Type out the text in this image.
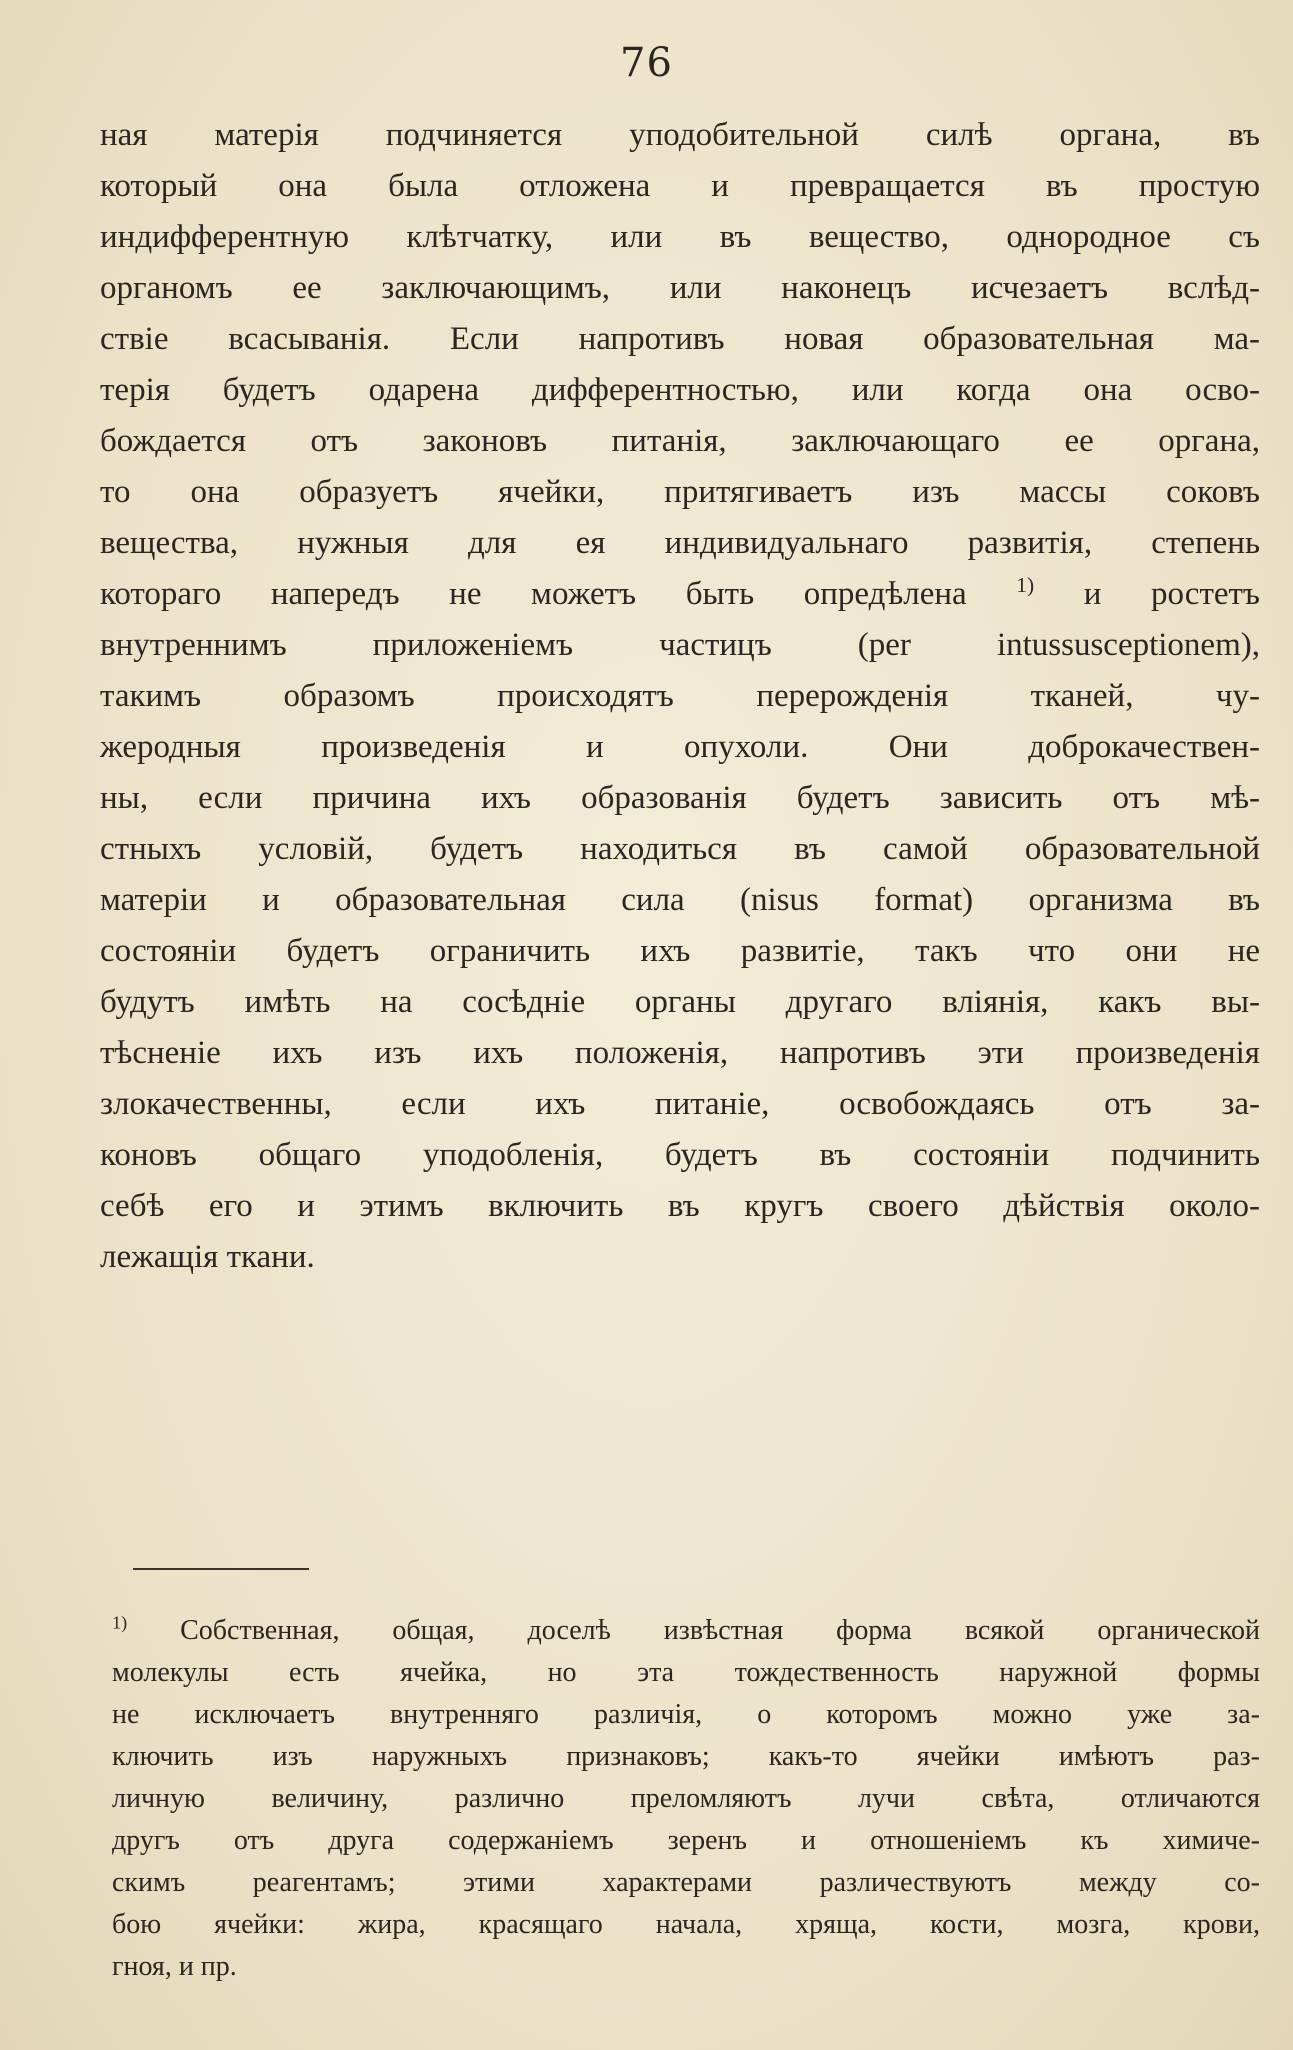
76
ная матерія подчиняется уподобительной силѣ органа, въ
который она была отложена и превращается въ простую
индифферентную клѣтчатку, или въ вещество, однородное съ
органомъ ее заключающимъ, или наконецъ исчезаетъ вслѣд-
ствіе всасыванія. Если напротивъ новая образовательная ма-
терія будетъ одарена дифферентностью, или когда она осво-
бождается отъ законовъ питанія, заключающаго ее органа,
то она образуетъ ячейки, притягиваетъ изъ массы соковъ
вещества, нужныя для ея индивидуальнаго развитія, степень
котораго напередъ не можетъ быть опредѣлена $^{1)}$ и ростетъ
внутреннимъ приложеніемъ частицъ (per intussusceptionem),
такимъ образомъ происходятъ перерожденія тканей, чу-
жеродныя произведенія и опухоли. Они доброкачествен-
ны, если причина ихъ образованія будетъ зависить отъ мѣ-
стныхъ условій, будетъ находиться въ самой образовательной
матеріи и образовательная сила (nisus format) организма въ
состояніи будетъ ограничить ихъ развитіе, такъ что они не
будутъ имѣть на сосѣдніе органы другаго вліянія, какъ вы-
тѣсненіе ихъ изъ ихъ положенія, напротивъ эти произведенія
злокачественны, если ихъ питаніе, освобождаясь отъ за-
коновъ общаго уподобленія, будетъ въ состояніи подчинить
себѣ его и этимъ включить въ кругъ своего дѣйствія около-
лежащія ткани.
$^{1)}$ Собственная, общая, доселѣ извѣстная форма всякой органической
молекулы есть ячейка, но эта тождественность наружной формы
не исключаетъ внутренняго различія, о которомъ можно уже за-
ключить изъ наружныхъ признаковъ; какъ-то ячейки имѣютъ раз-
личную величину, различно преломляютъ лучи свѣта, отличаются
другъ отъ друга содержаніемъ зеренъ и отношеніемъ къ химиче-
скимъ реагентамъ; этими характерами различествуютъ между со-
бою ячейки: жира, красящаго начала, хряща, кости, мозга, крови,
гноя, и пр.
